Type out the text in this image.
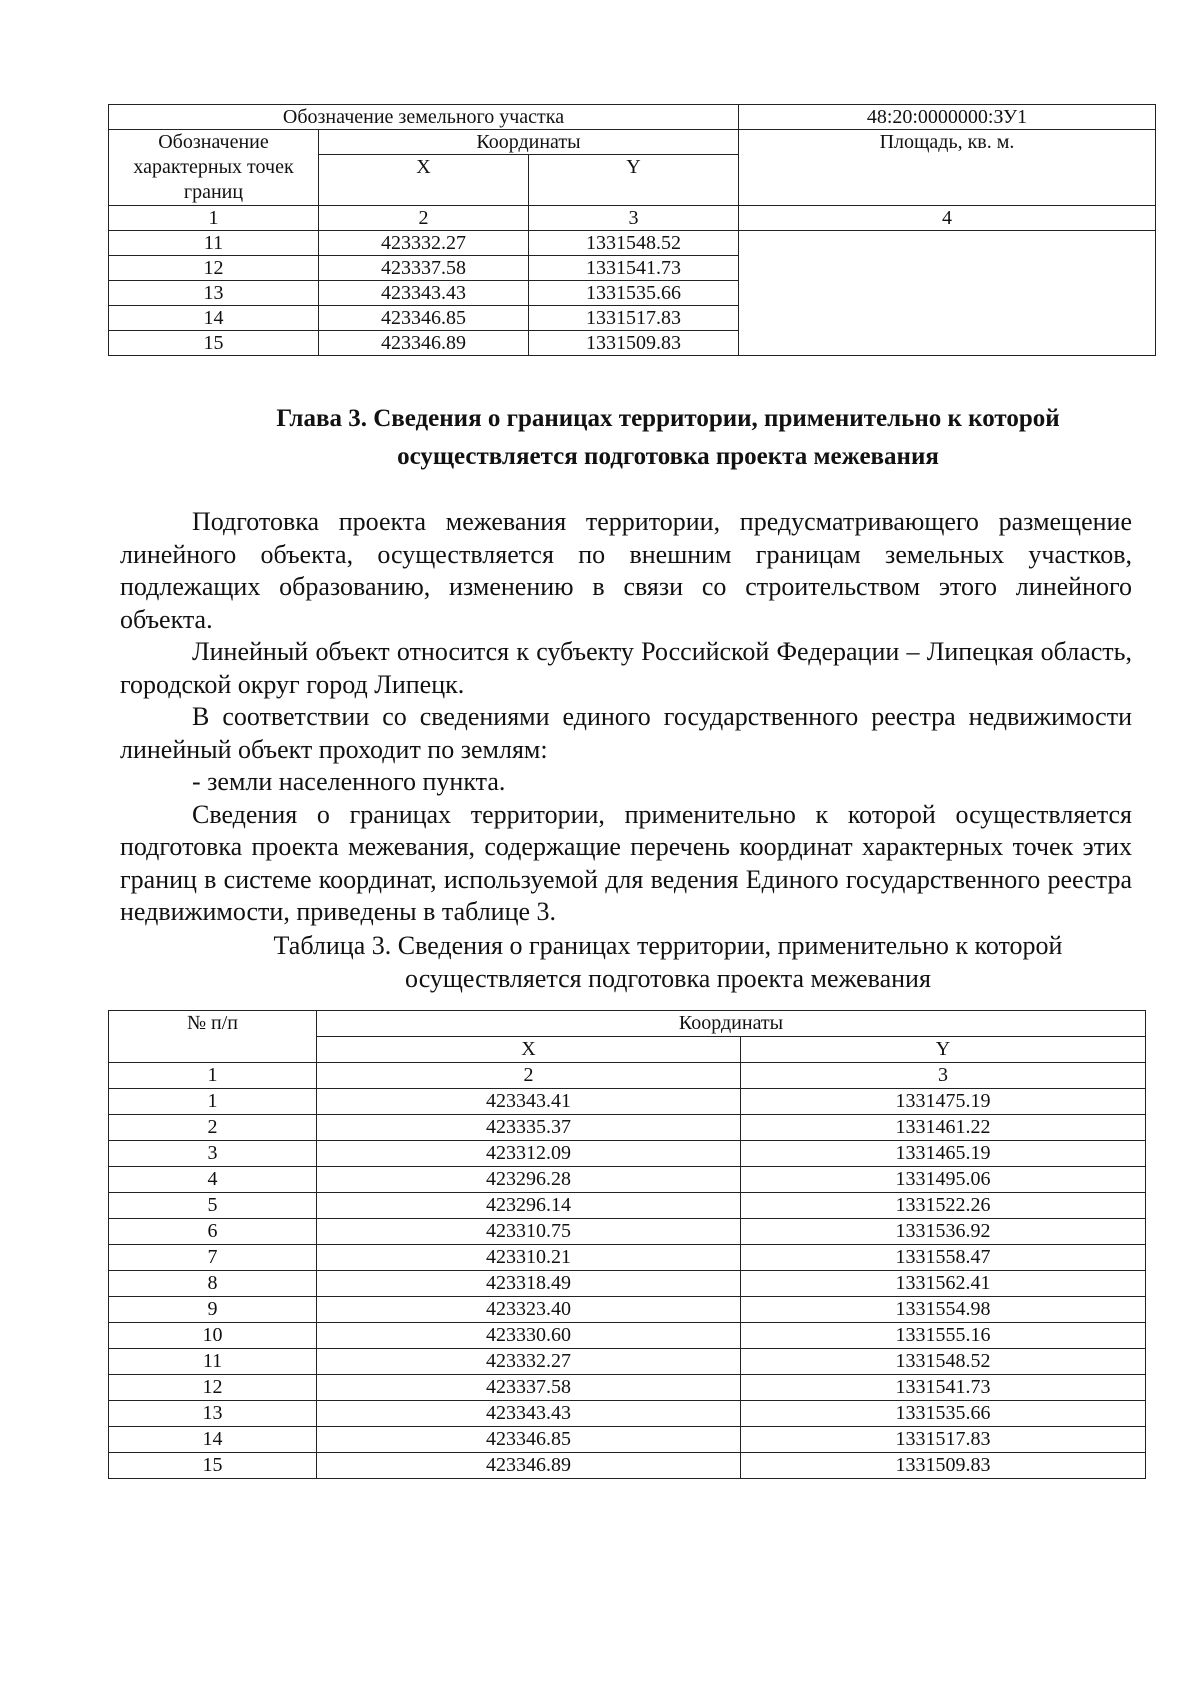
Обозначение земельного участка			48:20:0000000:ЗУ1
Обозначение характерных точек границ	Координаты		Площадь, кв. м.
	X	Y	
1	2	3	4
11	423332.27	1331548.52	
12	423337.58	1331541.73	
13	423343.43	1331535.66	
14	423346.85	1331517.83	
15	423346.89	1331509.83	
Глава 3. Сведения о границах территории, применительно к которой
осуществляется подготовка проекта межевания

Подготовка проекта межевания территории, предусматривающего размещение линейного объекта, осуществляется по внешним границам земельных участков, подлежащих образованию, изменению в связи со строительством этого линейного объекта.

Линейный объект относится к субъекту Российской Федерации – Липецкая область, городской округ город Липецк.

В соответствии со сведениями единого государственного реестра недвижимости линейный объект проходит по землям:

- земли населенного пункта.

Сведения о границах территории, применительно к которой осуществляется подготовка проекта межевания, содержащие перечень координат характерных точек этих границ в системе координат, используемой для ведения Единого государственного реестра недвижимости, приведены в таблице 3.

Таблица 3. Сведения о границах территории, применительно к которой
осуществляется подготовка проекта межевания
№ п/п	Координаты	
	X	Y
1	2	3
1	423343.41	1331475.19
2	423335.37	1331461.22
3	423312.09	1331465.19
4	423296.28	1331495.06
5	423296.14	1331522.26
6	423310.75	1331536.92
7	423310.21	1331558.47
8	423318.49	1331562.41
9	423323.40	1331554.98
10	423330.60	1331555.16
11	423332.27	1331548.52
12	423337.58	1331541.73
13	423343.43	1331535.66
14	423346.85	1331517.83
15	423346.89	1331509.83
